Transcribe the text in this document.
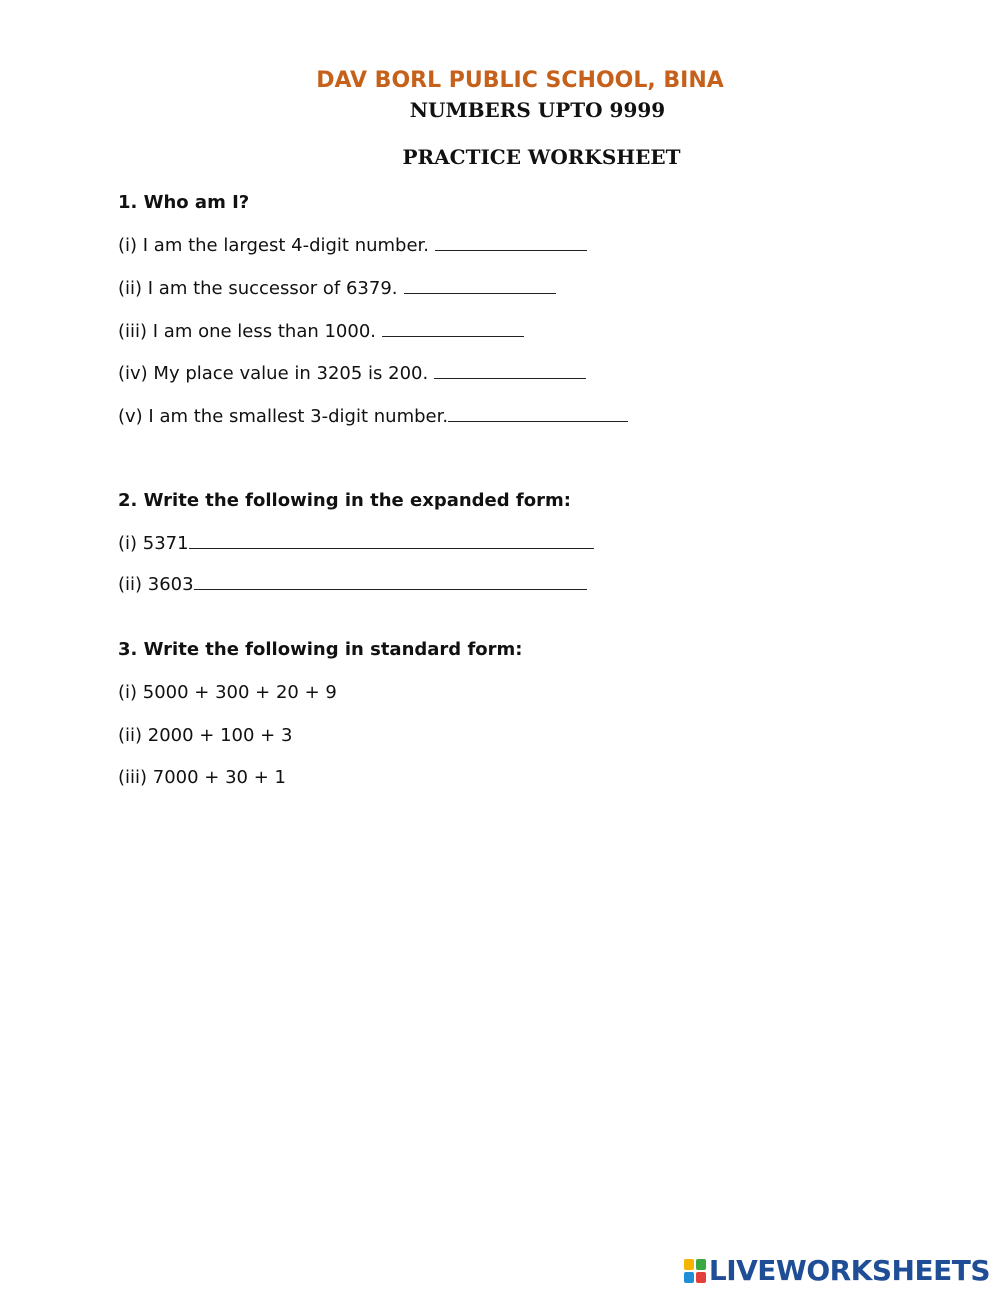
DAV BORL PUBLIC SCHOOL, BINA
NUMBERS UPTO 9999
PRACTICE WORKSHEET
1. Who am I?
(i) I am the largest 4-digit number.
(ii) I am the successor of 6379.
(iii) I am one less than 1000.
(iv) My place value in 3205 is 200.
(v) I am the smallest 3-digit number.
2. Write the following in the expanded form:
(i) 5371
(ii) 3603
3. Write the following in standard form:
(i) 5000 + 300 + 20 + 9
(ii) 2000 + 100 + 3
(iii) 7000 + 30 + 1
LIVEWORKSHEETS
